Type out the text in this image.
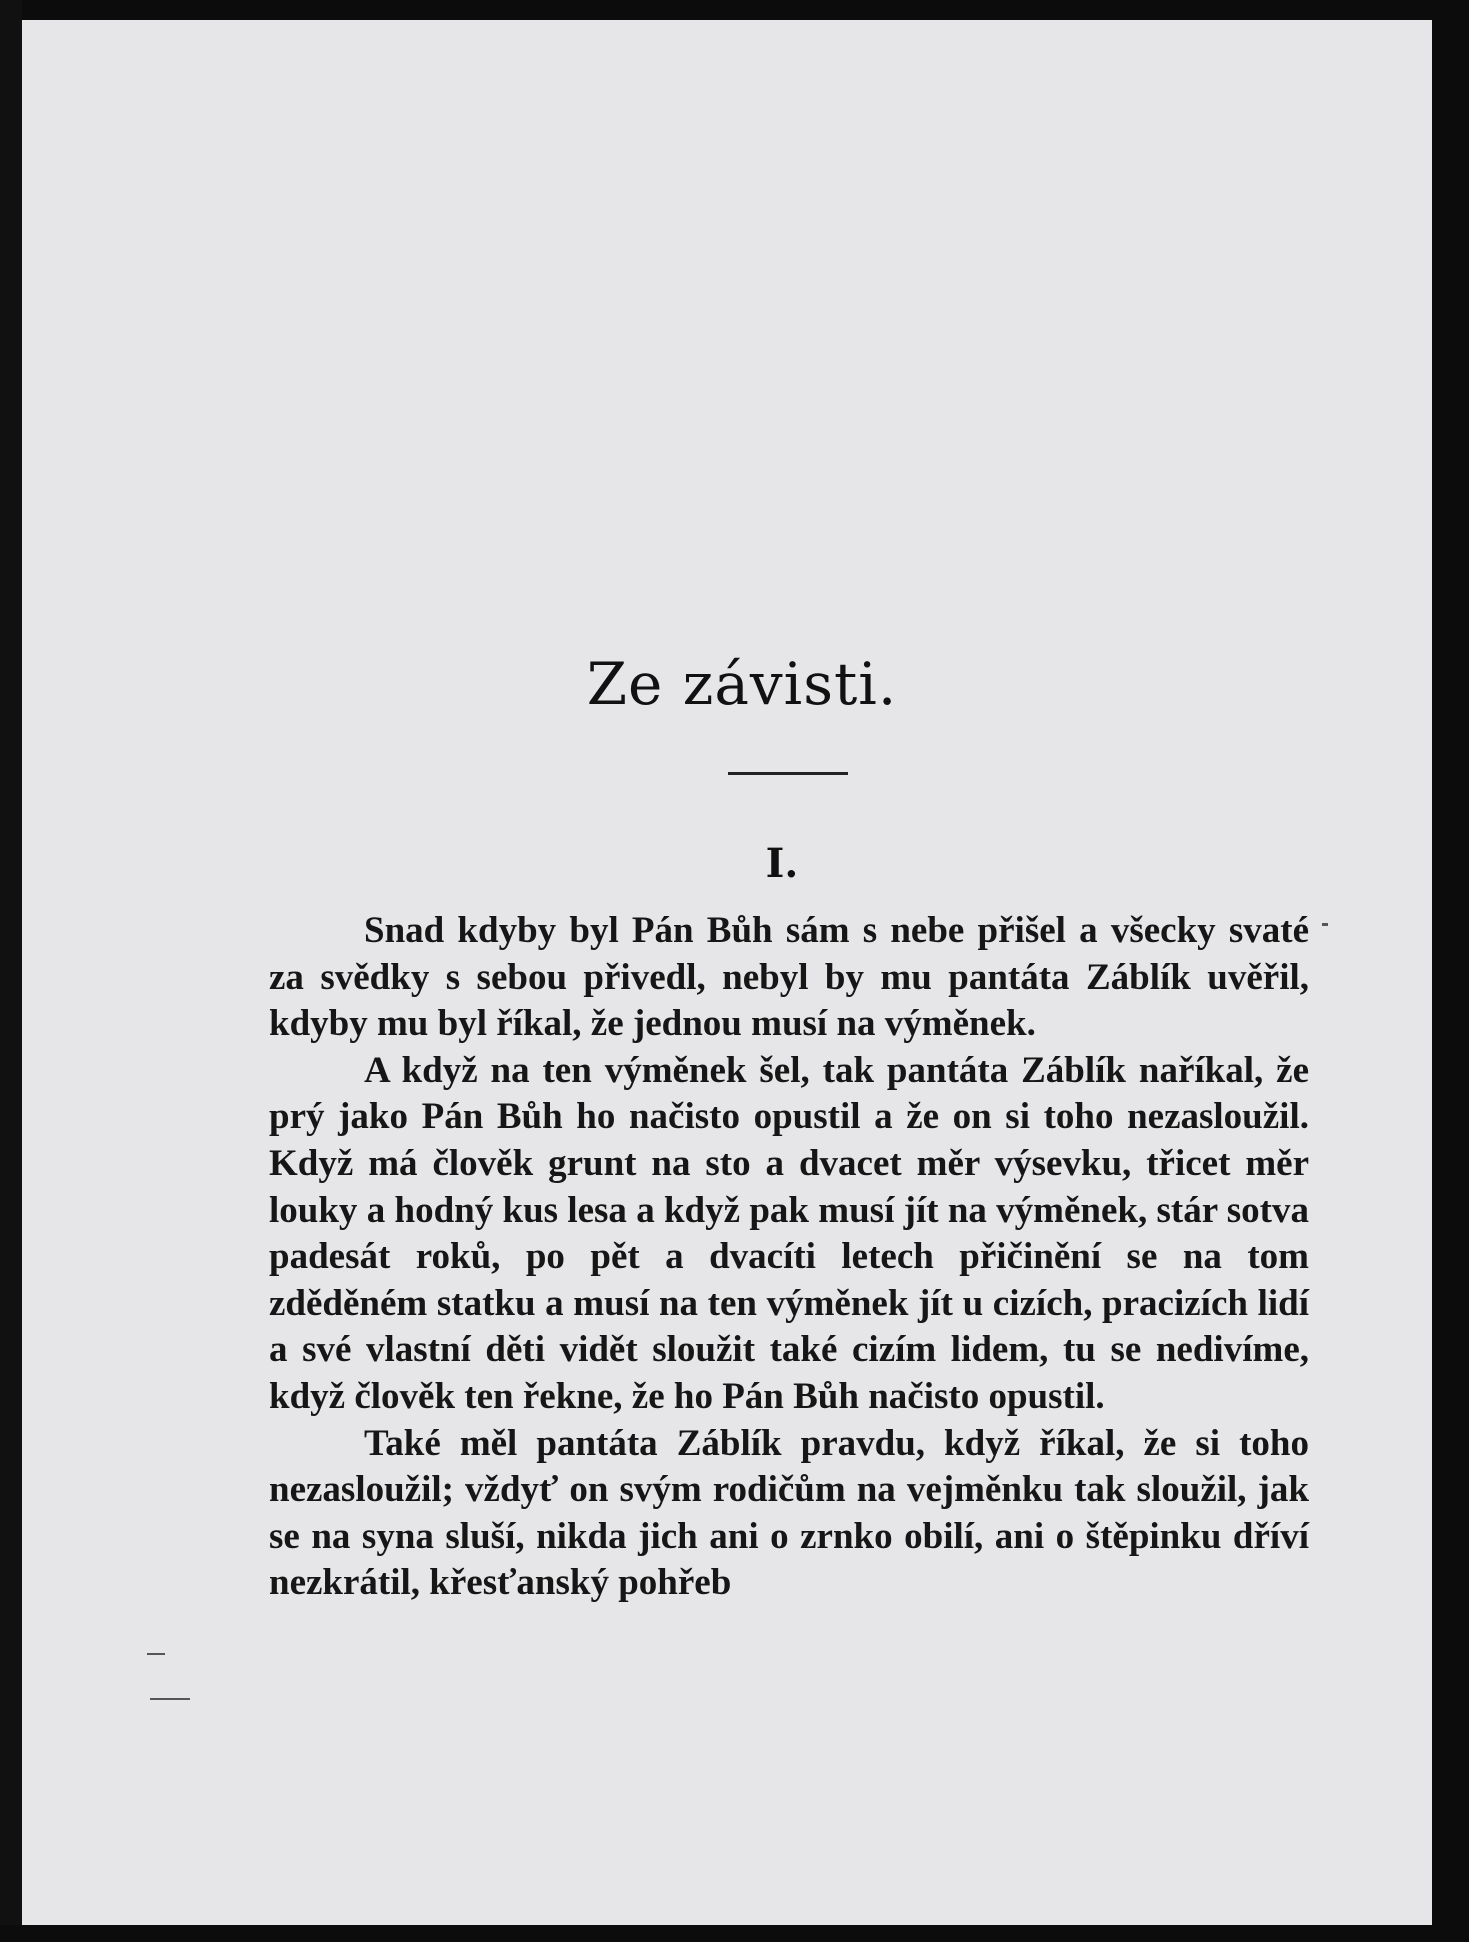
Ze závisti.
I.

Snad kdyby byl Pán Bůh sám s nebe přišel a všecky svaté za svědky s sebou přivedl, nebyl by mu pantáta Záblík uvěřil, kdyby mu byl říkal, že jednou musí na výměnek.

A když na ten výměnek šel, tak pantáta Záblík naříkal, že prý jako Pán Bůh ho načisto opustil a že on si toho nezasloužil. Když má člověk grunt na sto a dvacet měr výsevku, třicet měr louky a hodný kus lesa a když pak musí jít na výměnek, stár sotva padesát roků, po pět a dvacíti letech přičinění se na tom zděděném statku a musí na ten výměnek jít u cizích, pracizích lidí a své vlastní děti vidět sloužit také cizím lidem, tu se nedivíme, když člověk ten řekne, že ho Pán Bůh načisto opustil.

Také měl pantáta Záblík pravdu, když říkal, že si toho nezasloužil; vždyť on svým rodičům na vejměnku tak sloužil, jak se na syna sluší, nikda jich ani o zrnko obilí, ani o štěpinku dříví nezkrátil, křesťanský pohřeb
